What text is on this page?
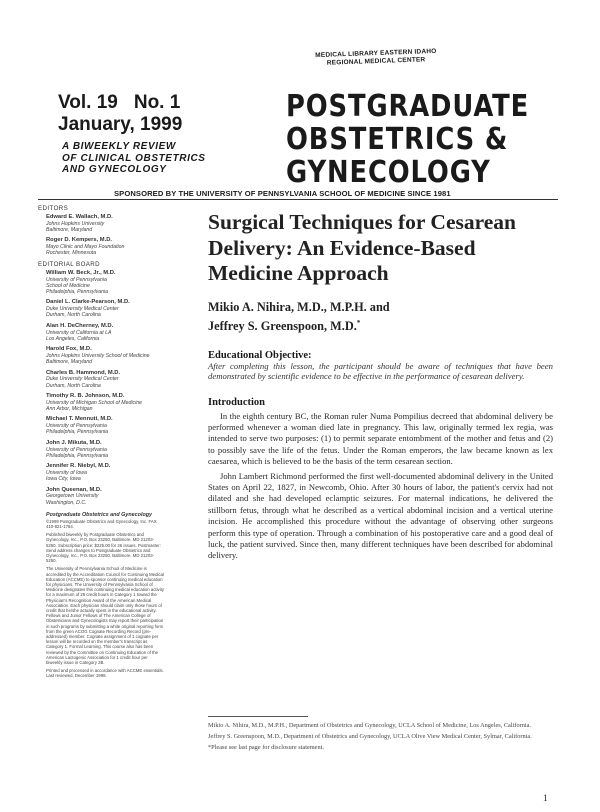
MEDICAL LIBRARY EASTERN IDAHO
REGIONAL MEDICAL CENTER
Vol. 19 No. 1
January, 1999
A BIWEEKLY REVIEW
OF CLINICAL OBSTETRICS
AND GYNECOLOGY
POSTGRADUATE
OBSTETRICS &
GYNECOLOGY
SPONSORED BY THE UNIVERSITY OF PENNSYLVANIA SCHOOL OF MEDICINE SINCE 1981
EDITORS
Edward E. Wallach, M.D.
Johns Hopkins University
Baltimore, Maryland
Roger D. Kempers, M.D.
Mayo Clinic and Mayo Foundation
Rochester, Minnesota
EDITORIAL BOARD
William W. Beck, Jr., M.D.
University of Pennsylvania
School of Medicine
Philadelphia, Pennsylvania
Daniel L. Clarke-Pearson, M.D.
Duke University Medical Center
Durham, North Carolina
Alan H. DeCherney, M.D.
University of California at LA
Los Angeles, California
Harold Fox, M.D.
Johns Hopkins University School of Medicine
Baltimore, Maryland
Charles B. Hammond, M.D.
Duke University Medical Center
Durham, North Carolina
Timothy R. B. Johnson, M.D.
University of Michigan School of Medicine
Ann Arbor, Michigan
Michael T. Mennuti, M.D.
University of Pennsylvania
Philadelphia, Pennsylvania
John J. Mikuta, M.D.
University of Pennsylvania
Philadelphia, Pennsylvania
Jennifer R. Niebyl, M.D.
University of Iowa
Iowa City, Iowa
John Queenan, M.D.
Georgetown University
Washington, D.C.
Postgraduate Obstetrics and Gynecology
©1999 Postgraduate Obstetrics and Gynecology, Inc. FAX 410-821-1784.
Published biweekly by Postgraduate Obstetrics and Gynecology, Inc., P.O. Box 23250, Baltimore, MD 21203-5250. Subscription price: $225.00 for 26 issues. Postmaster: Send address changes to Postgraduate Obstetrics and Gynecology, Inc., P.O. Box 23250, Baltimore, MD 21203-5250.
The University of Pennsylvania School of Medicine is accredited by the Accreditation Council for Continuing Medical Education (ACCME) to sponsor continuing medical education for physicians. The University of Pennsylvania School of Medicine designates this continuing medical education activity for a maximum of 26 credit hours in Category 1 toward the Physician's Recognition Award of the American Medical Association. Each physician should claim only those hours of credit that he/she actually spent in the educational activity. Fellows and Junior Fellows of The American College of Obstetricians and Gynecologists may report their participation in such programs by submitting a white original reporting form from the green ACOG Cognate Recording Record (pre-addressed) member. Cognate assignment of 1 cognate per lesson will be recorded on the member's transcript as Category 1. Formal Learning. This course also has been reviewed by the Committee on Continuing Education of the American Lactogenic Association for 1 credit hour per biweekly issue in Category 2B.
Printed and processed in accordance with ACCME essentials. Last reviewed, December 1998.
Surgical Techniques for Cesarean Delivery: An Evidence-Based Medicine Approach
Mikio A. Nihira, M.D., M.P.H. and
Jeffrey S. Greenspoon, M.D.*
Educational Objective:
After completing this lesson, the participant should be aware of techniques that have been demonstrated by scientific evidence to be effective in the performance of cesarean delivery.
Introduction

In the eighth century BC, the Roman ruler Numa Pompilius decreed that abdominal delivery be performed whenever a woman died late in pregnancy. This law, originally termed lex regia, was intended to serve two purposes: (1) to permit separate entombment of the mother and fetus and (2) to possibly save the life of the fetus. Under the Roman emperors, the law became known as lex caesarea, which is believed to be the basis of the term cesarean section.

John Lambert Richmond performed the first well-documented abdominal delivery in the United States on April 22, 1827, in Newcomb, Ohio. After 30 hours of labor, the patient's cervix had not dilated and she had developed eclamptic seizures. For maternal indications, he delivered the stillborn fetus, through what he described as a vertical abdominal incision and a vertical uterine incision. He accomplished this procedure without the advantage of observing other surgeons perform this type of operation. Through a combination of his postoperative care and a good deal of luck, the patient survived. Since then, many different techniques have been described for abdominal delivery.

Mikio A. Nihira, M.D., M.P.H., Department of Obstetrics and Gynecology, UCLA School of Medicine, Los Angeles, California.

Jeffrey S. Greenspoon, M.D., Department of Obstetrics and Gynecology, UCLA Olive View Medical Center, Sylmar, California.

*Please see last page for disclosure statement.

1
